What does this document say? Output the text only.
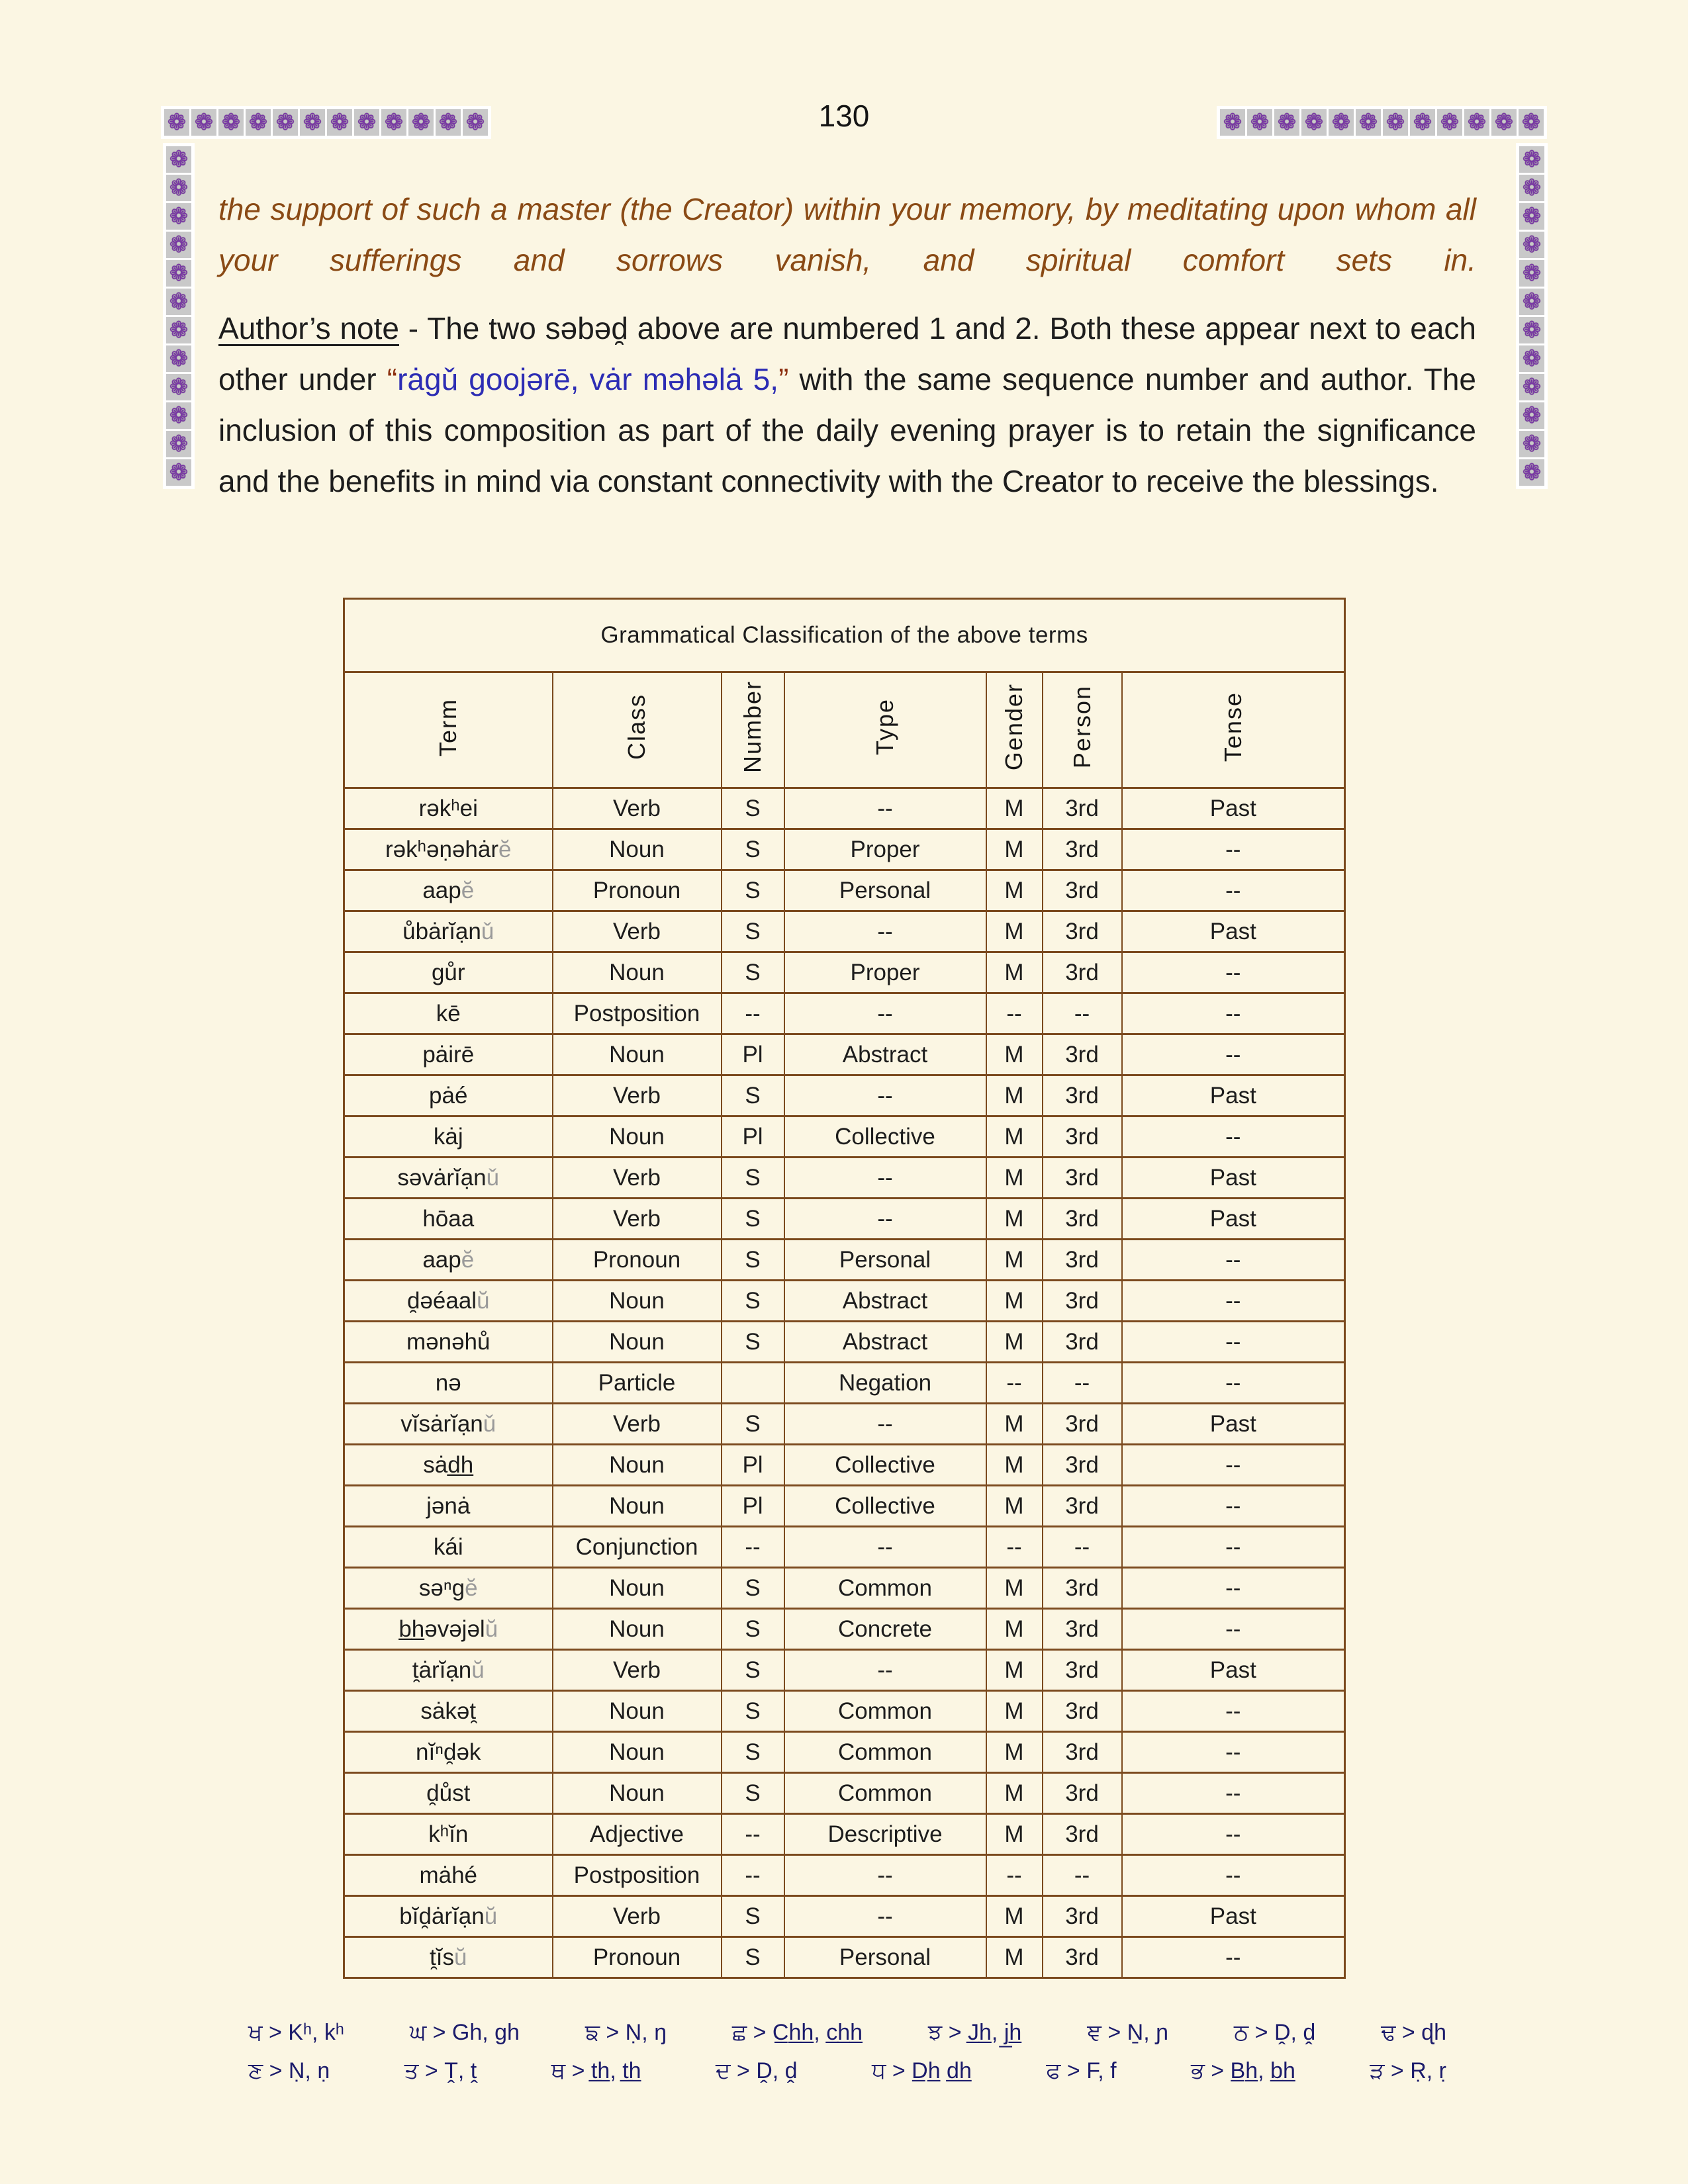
130
❁ ❁ ❁ ❁ ❁ ❁ ❁ ❁ ❁ ❁ ❁ ❁	❁ ❁ ❁ ❁ ❁ ❁ ❁ ❁ ❁ ❁ ❁ ❁
❁
❁
❁
❁
❁
❁
❁
❁
❁
❁
❁
❁
❁
❁
❁
❁
❁
❁
❁
❁
❁
❁
❁
❁

the support of such a master (the Creator) within your memory, by meditating upon whom all your sufferings and sorrows vanish, and spiritual comfort sets in.

Author’s note - The two səbəd̯ above are numbered 1 and 2. Both these appear next to each other under “rȧgǔ goojərē, vȧr məhəlȧ 5,” with the same sequence number and author. The inclusion of this composition as part of the daily evening prayer is to retain the significance and the benefits in mind via constant connectivity with the Creator to receive the blessings.

Grammatical Classification of the above terms						
Term	Class	Number	Type	Gender	Person	Tense
rəkʰei	Verb	S	--	M	3rd	Past
rəkʰəṇəhȧrĕ	Noun	S	Proper	M	3rd	--
aapĕ	Pronoun	S	Personal	M	3rd	--
ůbȧrĭạnǔ	Verb	S	--	M	3rd	Past
gůr	Noun	S	Proper	M	3rd	--
kē	Postposition	--	--	--	--	--
pȧirē	Noun	Pl	Abstract	M	3rd	--
pȧé	Verb	S	--	M	3rd	Past
kȧj	Noun	Pl	Collective	M	3rd	--
səvȧrĭạnǔ	Verb	S	--	M	3rd	Past
hōaa	Verb	S	--	M	3rd	Past
aapĕ	Pronoun	S	Personal	M	3rd	--
d̯əéaalŭ	Noun	S	Abstract	M	3rd	--
mənəhů	Noun	S	Abstract	M	3rd	--
nə	Particle		Negation	--	--	--
vĭsȧrĭạnǔ	Verb	S	--	M	3rd	Past
sȧd̲h̲	Noun	Pl	Collective	M	3rd	--
jənȧ	Noun	Pl	Collective	M	3rd	--
kái	Conjunction	--	--	--	--	--
səⁿgĕ	Noun	S	Common	M	3rd	--
b̲h̲əvəjəlŭ	Noun	S	Concrete	M	3rd	--
t̯ȧrĭạnŭ	Verb	S	--	M	3rd	Past
sȧkət̯	Noun	S	Common	M	3rd	--
nĭⁿd̯ək	Noun	S	Common	M	3rd	--
d̯ůst	Noun	S	Common	M	3rd	--
kʰĭn	Adjective	--	Descriptive	M	3rd	--
mȧhé	Postposition	--	--	--	--	--
bĭd̯ȧrĭạnŭ	Verb	S	--	M	3rd	Past
t̯ĭsŭ	Pronoun	S	Personal	M	3rd	--
ਖ > Kʰ, kʰ	ਘ > Gh, gh	ਙ > Ṇ, ŋ	ਛ > C̲h̲h̲, c̲h̲h̲	ਝ > J̲h̲, j̲h̲	ਞ > Ṉ, ɲ	ਠ > Ḓ, ḓ	ਢ > ɖh
ਣ > Ṇ, ṇ	ਤ > Ṱ, ṱ	ਥ > t̲h̲, t̲h̲	ਦ > Ḓ, ḓ	ਧ > D̲h̲ d̲h̲	ਫ > F, f	ਭ > B̲h̲, b̲h̲	ੜ > Ṛ, ṛ
